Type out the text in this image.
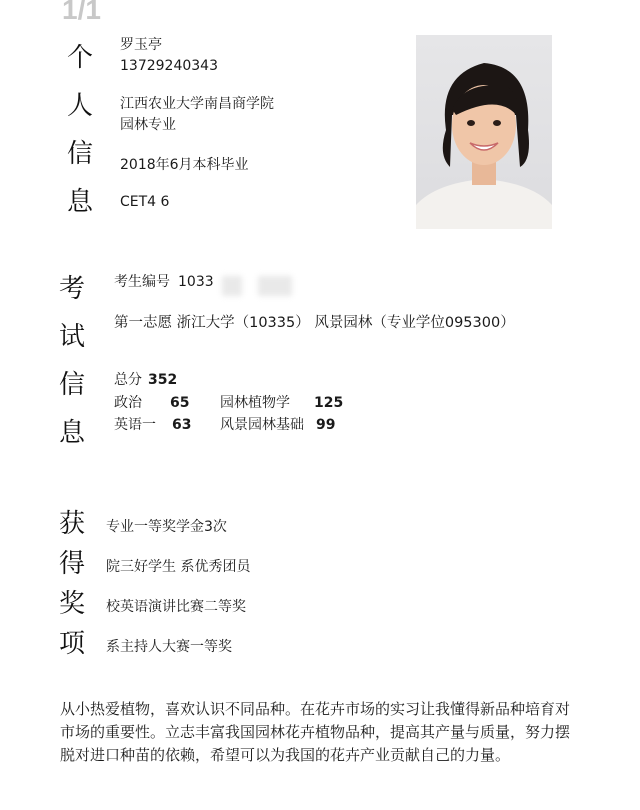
1/1
个
人
信
息
罗玉亭
13729240343
江西农业大学南昌商学院
园林专业
2018年6月本科毕业
CET4 6
考
试
信
息
考生编号 1033
第一志愿 浙江大学（10335） 风景园林（专业学位095300）
总分 352
政治 65 园林植物学 125
英语一 63 风景园林基础 99
获
得
奖
项
专业一等奖学金3次
院三好学生 系优秀团员
校英语演讲比赛二等奖
系主持人大赛一等奖
从小热爱植物，喜欢认识不同品种。在花卉市场的实习让我懂得新品种培育对市场的重要性。立志丰富我国园林花卉植物品种，提高其产量与质量，努力摆脱对进口种苗的依赖，希望可以为我国的花卉产业贡献自己的力量。
